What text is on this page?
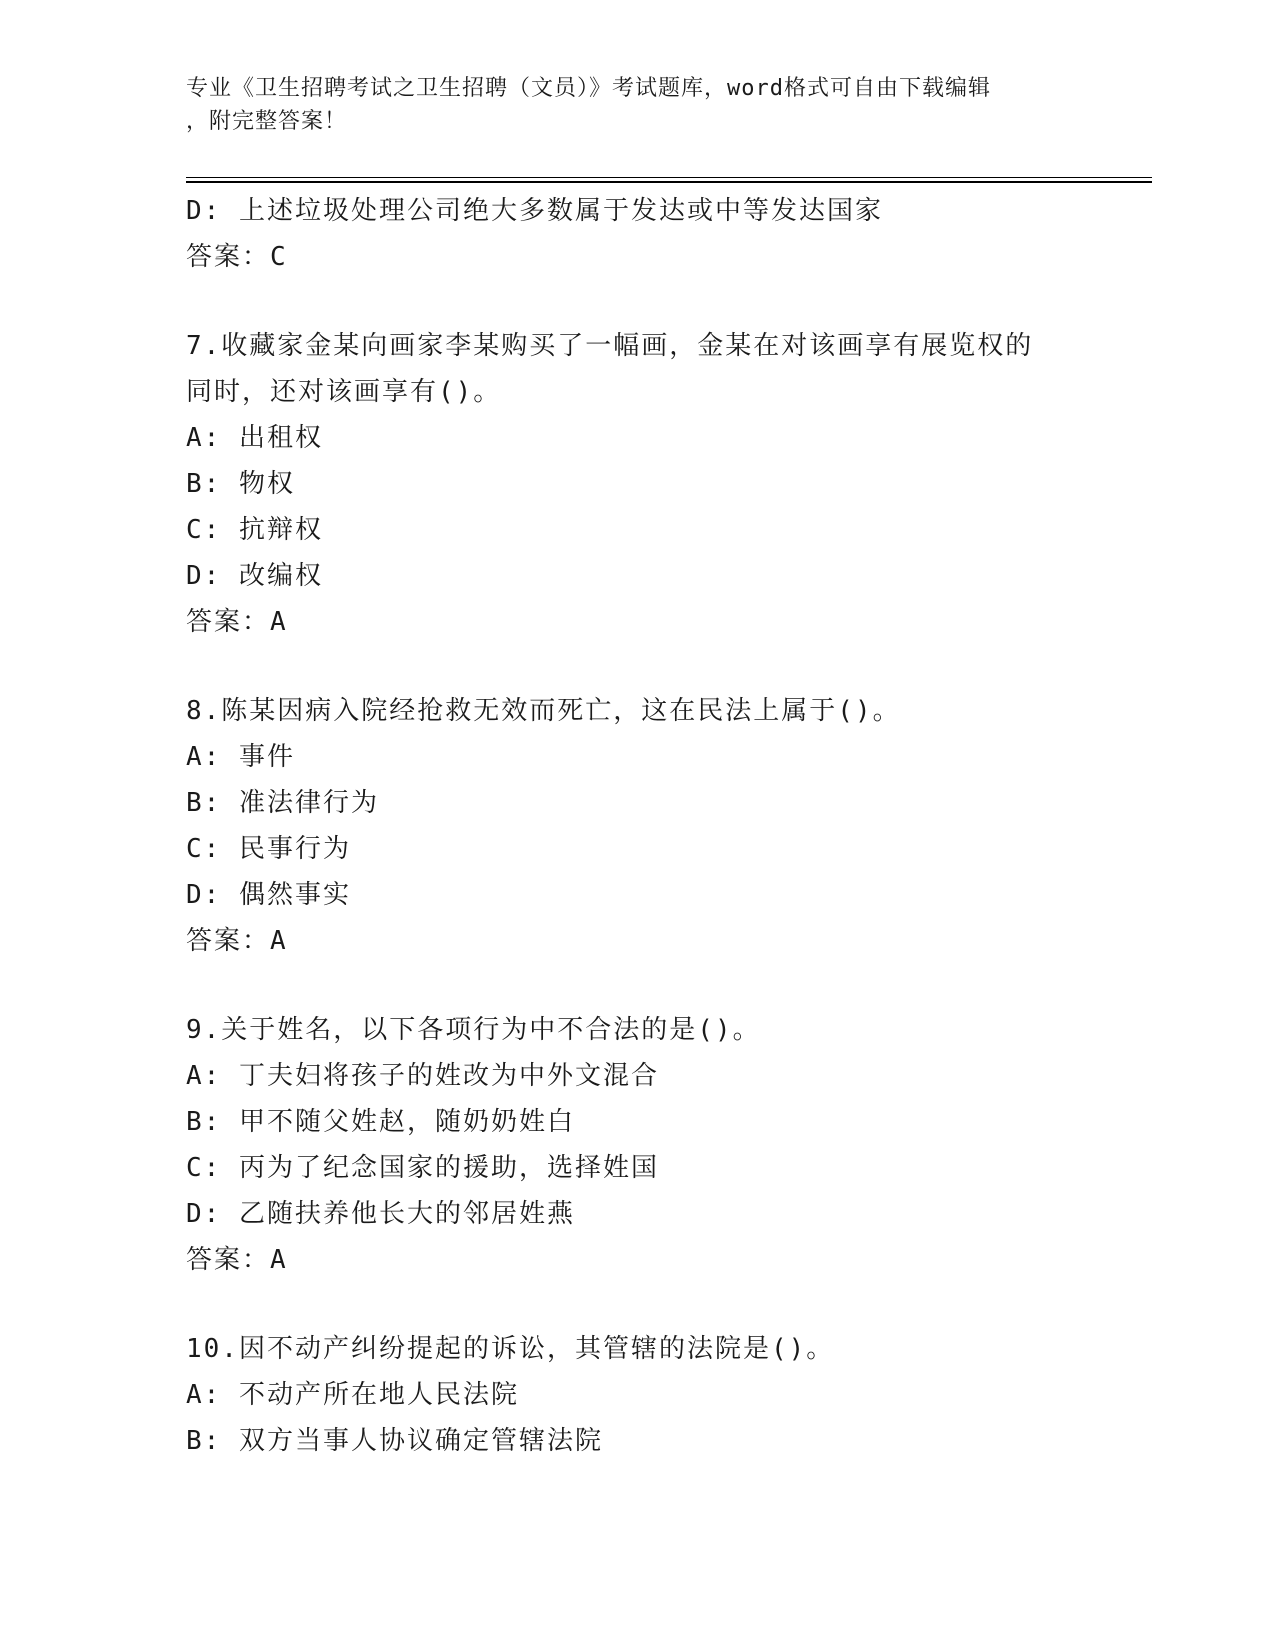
专业《卫生招聘考试之卫生招聘（文员）》考试题库，word格式可自由下载编辑
，附完整答案！
D: 上述垃圾处理公司绝大多数属于发达或中等发达国家
答案：C
7.收藏家金某向画家李某购买了一幅画，金某在对该画享有展览权的
同时，还对该画享有()。
A: 出租权
B: 物权
C: 抗辩权
D: 改编权
答案：A
8.陈某因病入院经抢救无效而死亡，这在民法上属于()。
A: 事件
B: 准法律行为
C: 民事行为
D: 偶然事实
答案：A
9.关于姓名，以下各项行为中不合法的是()。
A: 丁夫妇将孩子的姓改为中外文混合
B: 甲不随父姓赵，随奶奶姓白
C: 丙为了纪念国家的援助，选择姓国
D: 乙随扶养他长大的邻居姓燕
答案：A
10.因不动产纠纷提起的诉讼，其管辖的法院是()。
A: 不动产所在地人民法院
B: 双方当事人协议确定管辖法院
